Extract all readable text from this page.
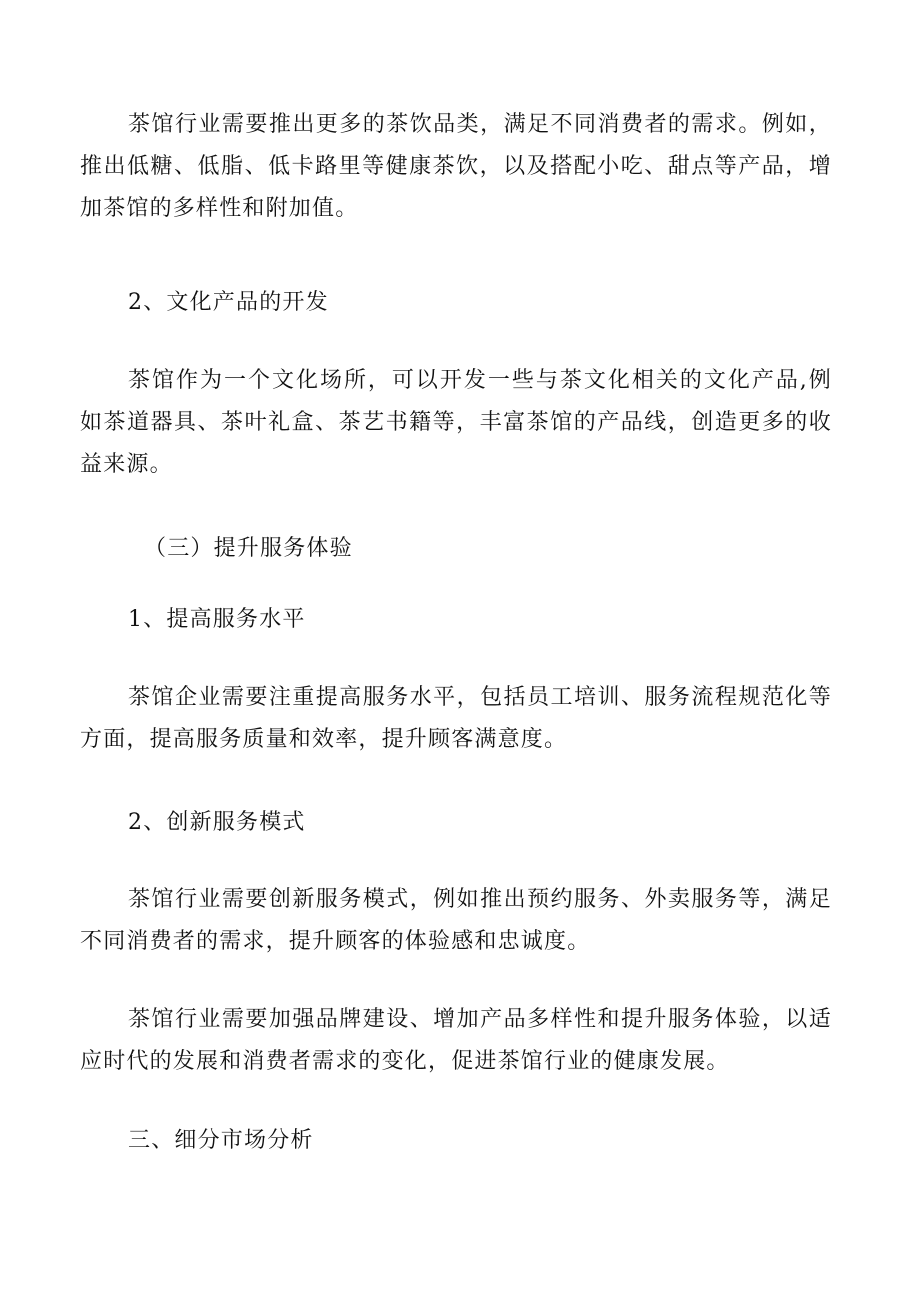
茶馆行业需要推出更多的茶饮品类，满足不同消费者的需求。例如，推出低糖、低脂、低卡路里等健康茶饮，以及搭配小吃、甜点等产品，增加茶馆的多样性和附加值。

2、文化产品的开发

茶馆作为一个文化场所，可以开发一些与茶文化相关的文化产品,例如茶道器具、茶叶礼盒、茶艺书籍等，丰富茶馆的产品线，创造更多的收益来源。

（三）提升服务体验

1、提高服务水平

茶馆企业需要注重提高服务水平，包括员工培训、服务流程规范化等方面，提高服务质量和效率，提升顾客满意度。

2、创新服务模式

茶馆行业需要创新服务模式，例如推出预约服务、外卖服务等，满足不同消费者的需求，提升顾客的体验感和忠诚度。

茶馆行业需要加强品牌建设、增加产品多样性和提升服务体验，以适应时代的发展和消费者需求的变化，促进茶馆行业的健康发展。

三、细分市场分析
